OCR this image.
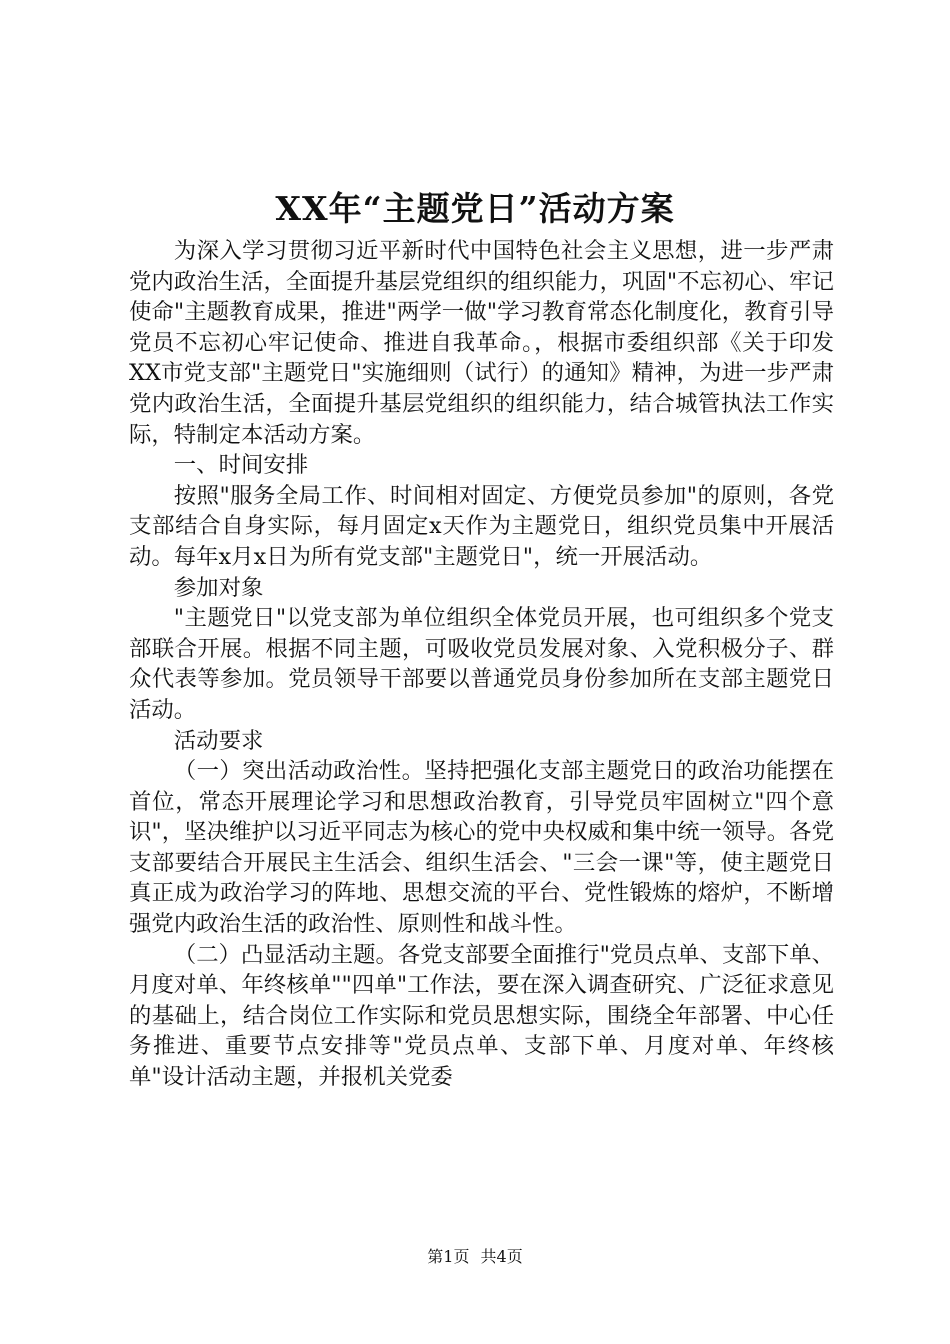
XX年“主题党日”活动方案

为深入学习贯彻习近平新时代中国特色社会主义思想，进一步严肃党内政治生活，全面提升基层党组织的组织能力，巩固"不忘初心、牢记使命"主题教育成果，推进"两学一做"学习教育常态化制度化，教育引导党员不忘初心牢记使命、推进自我革命。，根据市委组织部《关于印发XX市党支部"主题党日"实施细则（试行）的通知》精神，为进一步严肃党内政治生活，全面提升基层党组织的组织能力，结合城管执法工作实际，特制定本活动方案。

一、时间安排

按照"服务全局工作、时间相对固定、方便党员参加"的原则，各党支部结合自身实际，每月固定x天作为主题党日，组织党员集中开展活动。每年x月x日为所有党支部"主题党日"，统一开展活动。

参加对象

"主题党日"以党支部为单位组织全体党员开展，也可组织多个党支部联合开展。根据不同主题，可吸收党员发展对象、入党积极分子、群众代表等参加。党员领导干部要以普通党员身份参加所在支部主题党日活动。

活动要求

（一）突出活动政治性。坚持把强化支部主题党日的政治功能摆在首位，常态开展理论学习和思想政治教育，引导党员牢固树立"四个意识"，坚决维护以习近平同志为核心的党中央权威和集中统一领导。各党支部要结合开展民主生活会、组织生活会、"三会一课"等，使主题党日真正成为政治学习的阵地、思想交流的平台、党性锻炼的熔炉，不断增强党内政治生活的政治性、原则性和战斗性。

（二）凸显活动主题。各党支部要全面推行"党员点单、支部下单、月度对单、年终核单""四单"工作法，要在深入调查研究、广泛征求意见的基础上，结合岗位工作实际和党员思想实际，围绕全年部署、中心任务推进、重要节点安排等"党员点单、支部下单、月度对单、年终核单"设计活动主题，并报机关党委

第1页 共4页
